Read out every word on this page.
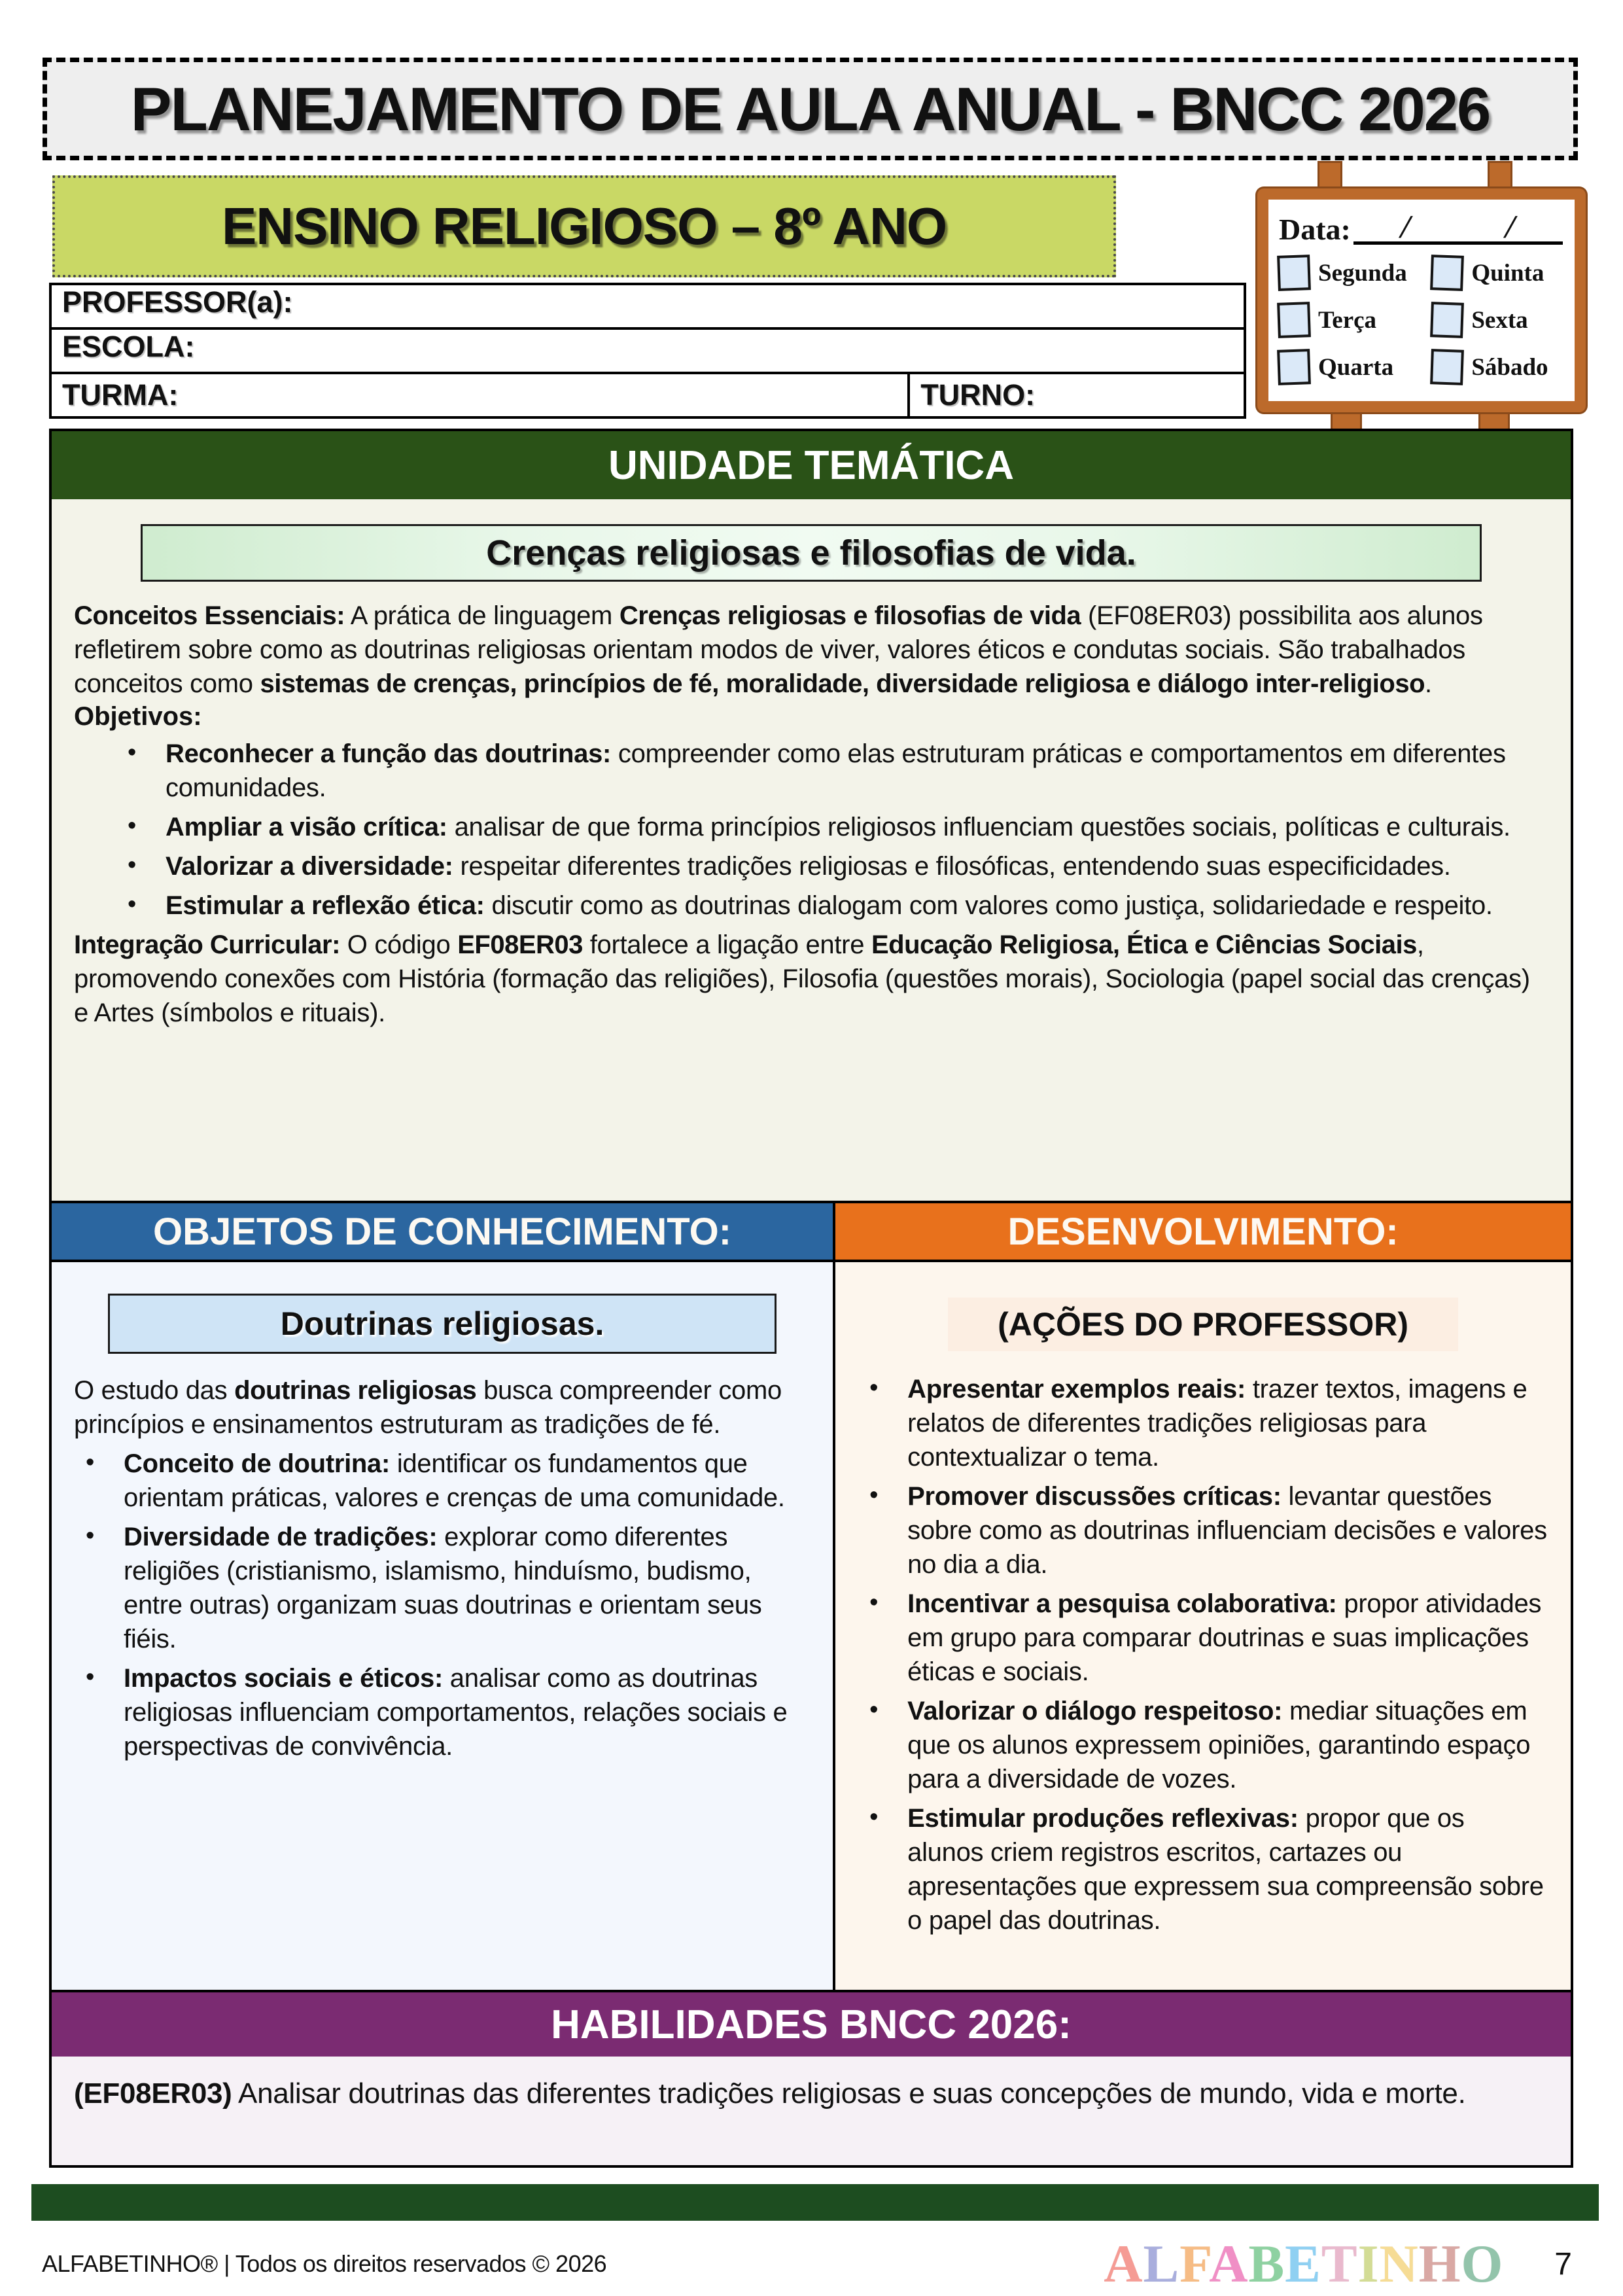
PLANEJAMENTO DE AULA ANUAL - BNCC 2026
ENSINO RELIGIOSO – 8º ANO
PROFESSOR(a):
ESCOLA:
TURMA:	TURNO:
Data: /	/
Segunda	Quinta
Terça	Sexta
Quarta	Sábado
UNIDADE TEMÁTICA
Crenças religiosas e filosofias de vida.

Conceitos Essenciais: A prática de linguagem Crenças religiosas e filosofias de vida (EF08ER03) possibilita aos alunos refletirem sobre como as doutrinas religiosas orientam modos de viver, valores éticos e condutas sociais. São trabalhados conceitos como sistemas de crenças, princípios de fé, moralidade, diversidade religiosa e diálogo inter-religioso.

Objetivos:

•	Reconhecer a função das doutrinas: compreender como elas estruturam práticas e comportamentos em diferentes comunidades.
•	Ampliar a visão crítica: analisar de que forma princípios religiosos influenciam questões sociais, políticas e culturais.
•	Valorizar a diversidade: respeitar diferentes tradições religiosas e filosóficas, entendendo suas especificidades.
•	Estimular a reflexão ética: discutir como as doutrinas dialogam com valores como justiça, solidariedade e respeito.

Integração Curricular: O código EF08ER03 fortalece a ligação entre Educação Religiosa, Ética e Ciências Sociais, promovendo conexões com História (formação das religiões), Filosofia (questões morais), Sociologia (papel social das crenças) e Artes (símbolos e rituais).

OBJETOS DE CONHECIMENTO:	DESENVOLVIMENTO:
Doutrinas religiosas.

O estudo das doutrinas religiosas busca compreender como princípios e ensinamentos estruturam as tradições de fé.

•	Conceito de doutrina: identificar os fundamentos que orientam práticas, valores e crenças de uma comunidade.
•	Diversidade de tradições: explorar como diferentes religiões (cristianismo, islamismo, hinduísmo, budismo, entre outras) organizam suas doutrinas e orientam seus fiéis.
•	Impactos sociais e éticos: analisar como as doutrinas religiosas influenciam comportamentos, relações sociais e perspectivas de convivência.
(AÇÕES DO PROFESSOR)
•	Apresentar exemplos reais: trazer textos, imagens e relatos de diferentes tradições religiosas para contextualizar o tema.
•	Promover discussões críticas: levantar questões sobre como as doutrinas influenciam decisões e valores no dia a dia.
•	Incentivar a pesquisa colaborativa: propor atividades em grupo para comparar doutrinas e suas implicações éticas e sociais.
•	Valorizar o diálogo respeitoso: mediar situações em que os alunos expressem opiniões, garantindo espaço para a diversidade de vozes.
•	Estimular produções reflexivas: propor que os alunos criem registros escritos, cartazes ou apresentações que expressem sua compreensão sobre o papel das doutrinas.
HABILIDADES BNCC 2026:
(EF08ER03) Analisar doutrinas das diferentes tradições religiosas e suas concepções de mundo, vida e morte.
ALFABETINHO® | Todos os direitos reservados © 2026	ALFABETINHO 7
